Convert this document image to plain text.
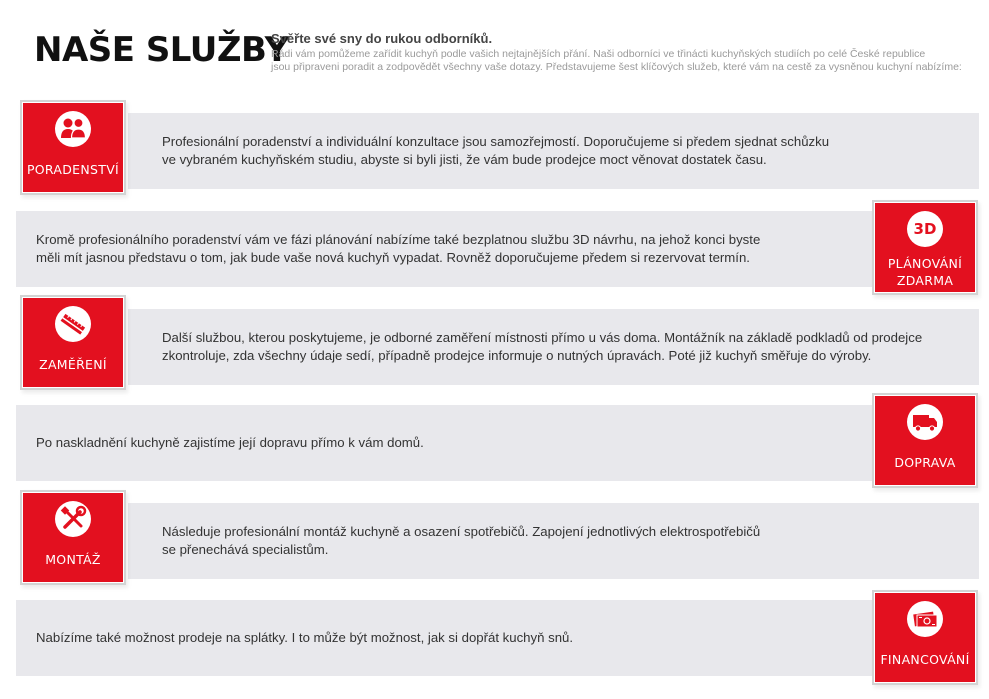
NAŠE SLUŽBY
Svěřte své sny do rukou odborníků.
Rádi vám pomůžeme zařídit kuchyň podle vašich nejtajnějších přání. Naši odborníci ve třinácti kuchyňských studiích po celé České republice
jsou připraveni poradit a zodpovědět všechny vaše dotazy. Představujeme šest klíčových služeb, které vám na cestě za vysněnou kuchyní nabízíme:
Profesionální poradenství a individuální konzultace jsou samozřejmostí. Doporučujeme si předem sjednat schůzku
ve vybraném kuchyňském studiu, abyste si byli jisti, že vám bude prodejce moct věnovat dostatek času.
PORADENSTVÍ
Kromě profesionálního poradenství vám ve fázi plánování nabízíme také bezplatnou službu 3D návrhu, na jehož konci byste
měli mít jasnou představu o tom, jak bude vaše nová kuchyň vypadat. Rovněž doporučujeme předem si rezervovat termín.
3D
PLÁNOVÁNÍ
ZDARMA
Další službou, kterou poskytujeme, je odborné zaměření místnosti přímo u vás doma. Montážník na základě podkladů od prodejce
zkontroluje, zda všechny údaje sedí, případně prodejce informuje o nutných úpravách. Poté již kuchyň směřuje do výroby.
ZAMĚŘENÍ
Po naskladnění kuchyně zajistíme její dopravu přímo k vám domů.
DOPRAVA
Následuje profesionální montáž kuchyně a osazení spotřebičů. Zapojení jednotlivých elektrospotřebičů
se přenechává specialistům.
MONTÁŽ
Nabízíme také možnost prodeje na splátky. I to může být možnost, jak si dopřát kuchyň snů.
FINANCOVÁNÍ
